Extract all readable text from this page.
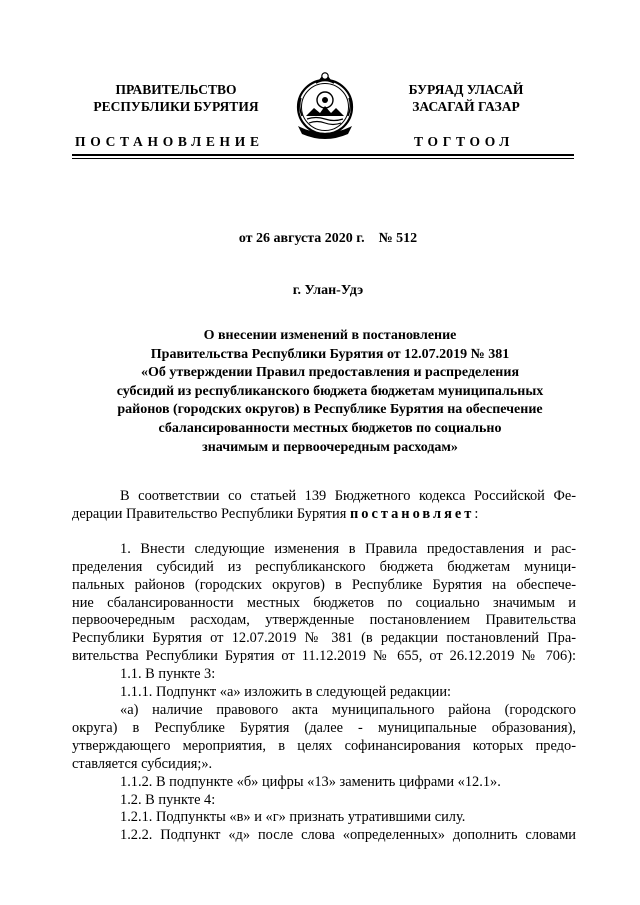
ПРАВИТЕЛЬСТВО
РЕСПУБЛИКИ БУРЯТИЯ
БУРЯАД УЛАСАЙ
ЗАСАГАЙ ГАЗАР
ПОСТАНОВЛЕНИЕ	ТОГТООЛ
от 26 августа 2020 г.    № 512
г. Улан-Удэ
О внесении изменений в постановление
Правительства Республики Бурятия от 12.07.2019 № 381
«Об утверждении Правил предоставления и распределения
субсидий из республиканского бюджета бюджетам муниципальных
районов (городских округов) в Республике Бурятия на обеспечение
сбалансированности местных бюджетов по социально
значимым и первоочередным расходам»
В соответствии со статьей 139 Бюджетного кодекса Российской Фе-
дерации Правительство Республики Бурятия постановляет:
1. Внести следующие изменения в Правила предоставления и рас-
пределения субсидий из республиканского бюджета бюджетам муници-
пальных районов (городских округов) в Республике Бурятия на обеспече-
ние сбалансированности местных бюджетов по социально значимым и
первоочередным расходам, утвержденные постановлением Правительства
Республики Бурятия от 12.07.2019 № 381 (в редакции постановлений Пра-
вительства Республики Бурятия от 11.12.2019 № 655, от 26.12.2019 № 706):
1.1. В пункте 3:
1.1.1. Подпункт «а» изложить в следующей редакции:
«а) наличие правового акта муниципального района (городского
округа) в Республике Бурятия (далее - муниципальные образования),
утверждающего мероприятия, в целях софинансирования которых предо-
ставляется субсидия;».
1.1.2. В подпункте «б» цифры «13» заменить цифрами «12.1».
1.2. В пункте 4:
1.2.1. Подпункты «в» и «г» признать утратившими силу.
1.2.2. Подпункт «д» после слова «определенных» дополнить словами
